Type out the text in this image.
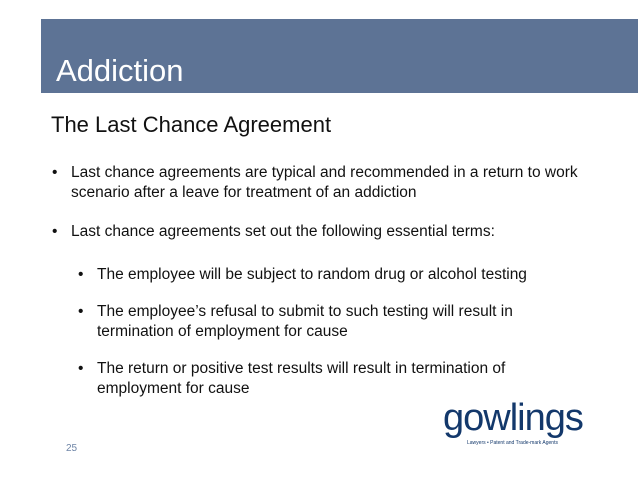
Addiction
The Last Chance Agreement
• Last chance agreements are typical and recommended in a return to work scenario after a leave for treatment of an addiction
• Last chance agreements set out the following essential terms:
• The employee will be subject to random drug or alcohol testing
• The employee’s refusal to submit to such testing will result in termination of employment for cause
• The return or positive test results will result in termination of employment for cause
25
gowlings
Lawyers • Patent and Trade-mark Agents
